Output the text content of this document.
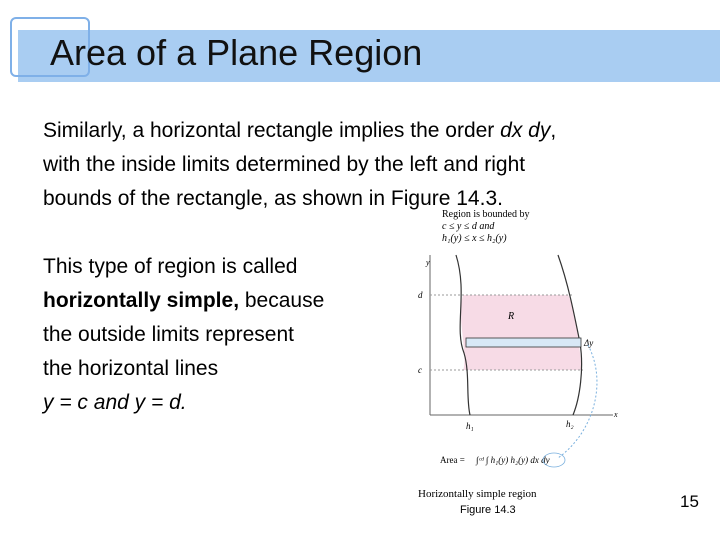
Area of a Plane Region
Similarly, a horizontal rectangle implies the order dx dy,
with the inside limits determined by the left and right
bounds of the rectangle, as shown in Figure 14.3.
This type of region is called
horizontally simple, because
the outside limits represent
the horizontal lines
y = c and y = d.
Region is bounded by
c ≤ y ≤ d and
h₁(y) ≤ x ≤ h₂(y)
y
x
d
c
Δy
R
h₁	h₂
Area = ∫ᶜᵈ ∫ h₁(y) h₂(y) dx dy
Horizontally simple region
Figure 14.3	15
